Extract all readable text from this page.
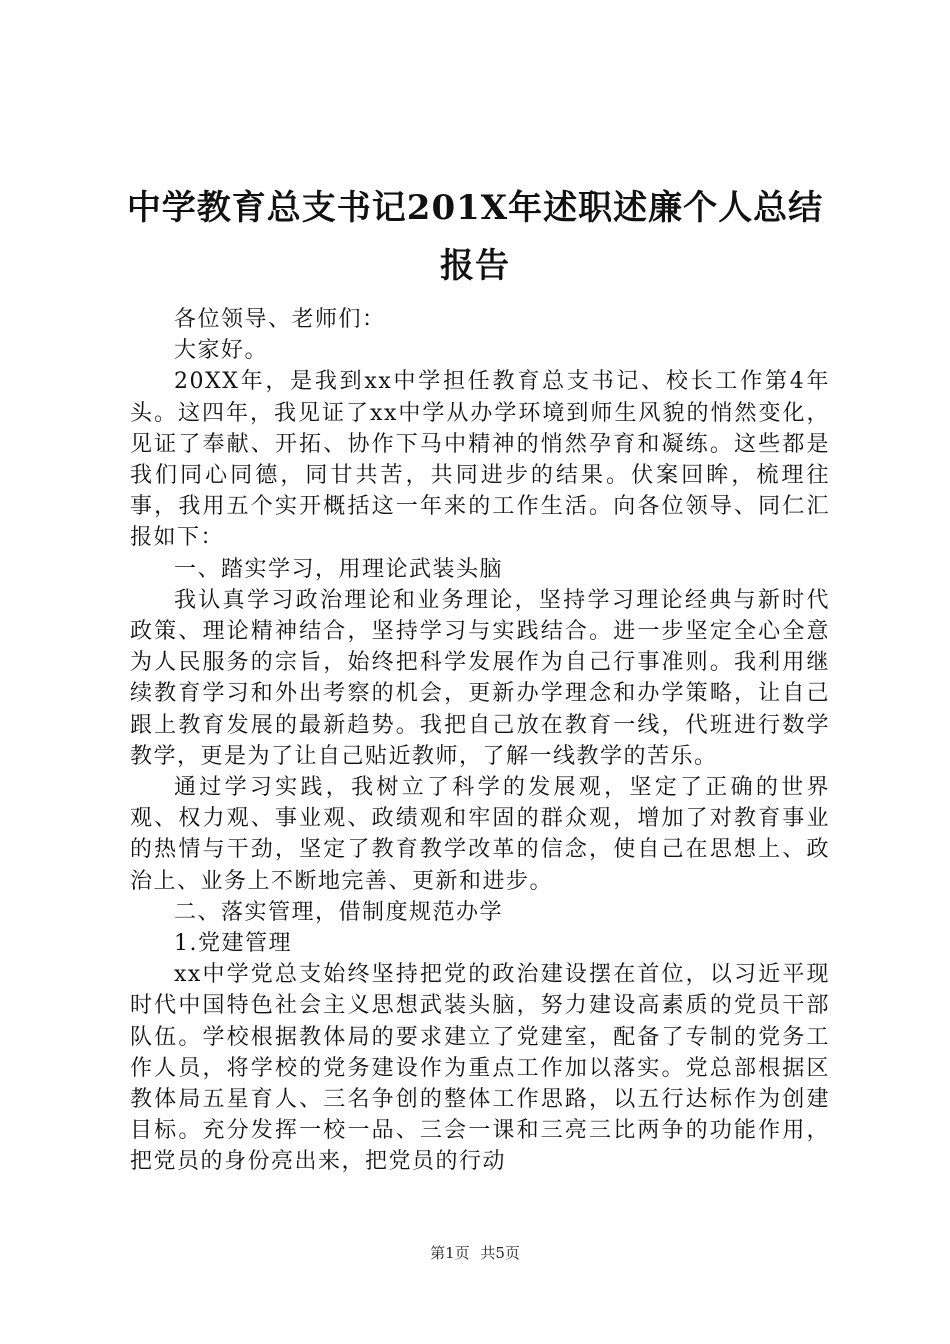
中学教育总支书记201X年述职述廉个人总结
报告

各位领导、老师们：

大家好。

20XX年，是我到xx中学担任教育总支书记、校长工作第4年头。这四年，我见证了xx中学从办学环境到师生风貌的悄然变化，见证了奉献、开拓、协作下马中精神的悄然孕育和凝练。这些都是我们同心同德，同甘共苦，共同进步的结果。伏案回眸，梳理往事，我用五个实开概括这一年来的工作生活。向各位领导、同仁汇报如下：

一、踏实学习，用理论武装头脑

我认真学习政治理论和业务理论，坚持学习理论经典与新时代政策、理论精神结合，坚持学习与实践结合。进一步坚定全心全意为人民服务的宗旨，始终把科学发展作为自己行事准则。我利用继续教育学习和外出考察的机会，更新办学理念和办学策略，让自己跟上教育发展的最新趋势。我把自己放在教育一线，代班进行数学教学，更是为了让自己贴近教师，了解一线教学的苦乐。

通过学习实践，我树立了科学的发展观，坚定了正确的世界观、权力观、事业观、政绩观和牢固的群众观，增加了对教育事业的热情与干劲，坚定了教育教学改革的信念，使自己在思想上、政治上、业务上不断地完善、更新和进步。

二、落实管理，借制度规范办学

1.党建管理

xx中学党总支始终坚持把党的政治建设摆在首位，以习近平现时代中国特色社会主义思想武装头脑，努力建设高素质的党员干部队伍。学校根据教体局的要求建立了党建室，配备了专制的党务工作人员，将学校的党务建设作为重点工作加以落实。党总部根据区教体局五星育人、三名争创的整体工作思路，以五行达标作为创建目标。充分发挥一校一品、三会一课和三亮三比两争的功能作用，把党员的身份亮出来，把党员的行动

第1页 共5页
